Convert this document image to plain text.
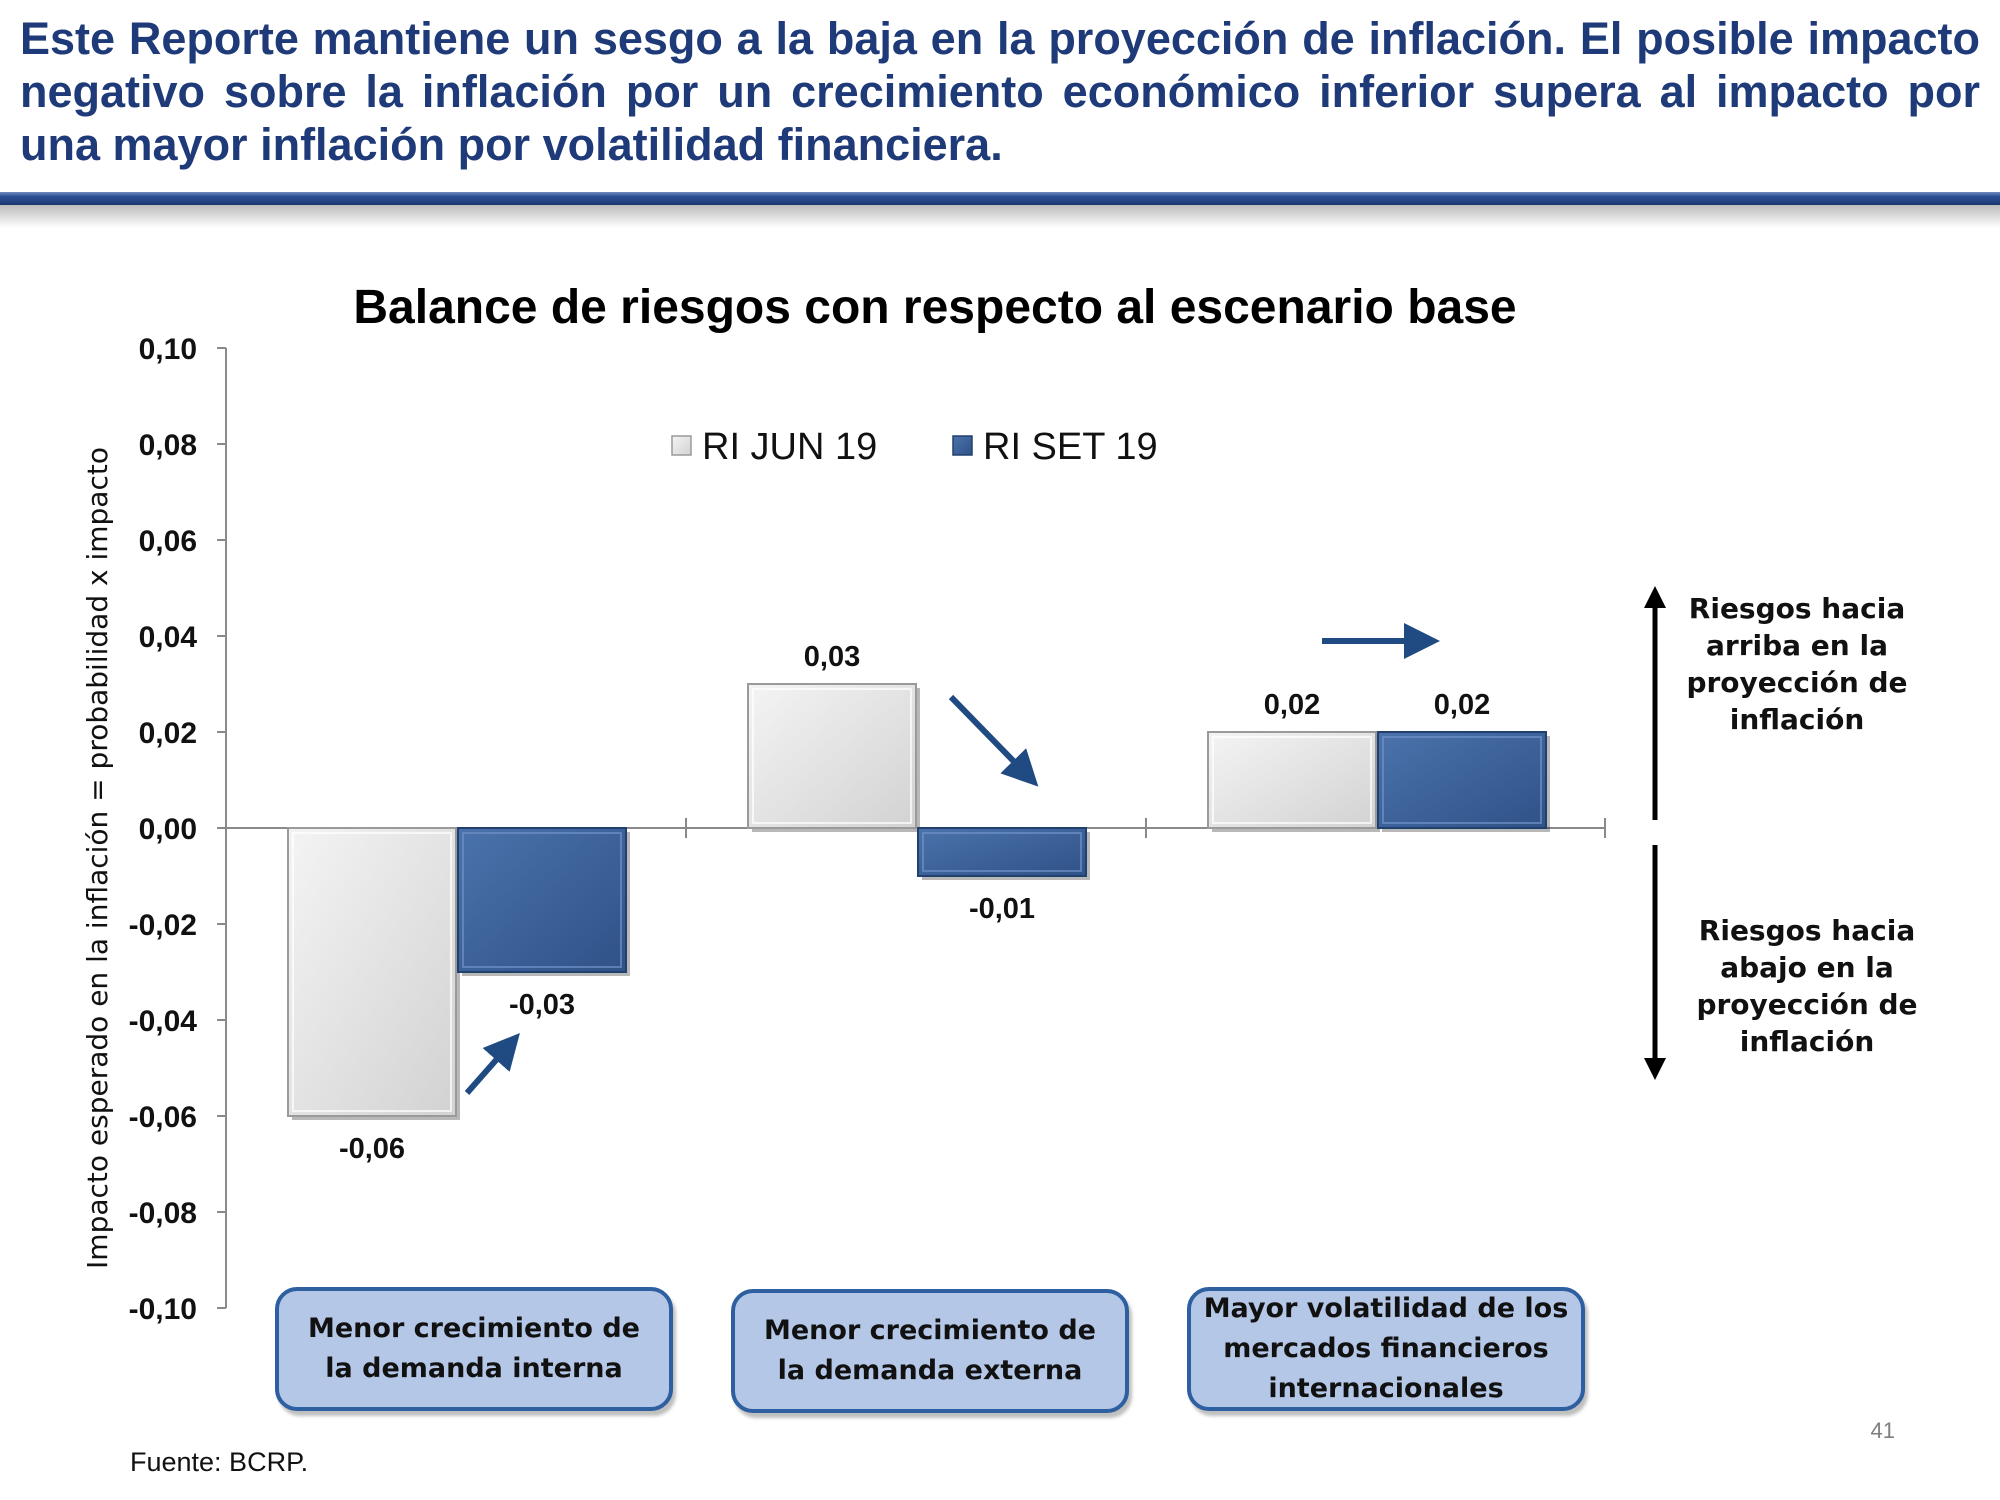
Este Reporte mantiene un sesgo a la baja en la proyección de inflación. El posible impacto negativo sobre la inflación por un crecimiento económico inferior supera al impacto por una mayor inflación por volatilidad financiera.
Balance de riesgos con respecto al escenario base
0,10
0,08
0,06
0,04
0,02
0,00
-0,02
-0,04
-0,06
-0,08
-0,10
Impacto esperado en la inflación = probabilidad x impacto	-0,06
0,03
0,02
-0,03
-0,01
0,02
RI JUN 19	RI SET 19
Riesgos hacia arriba en la proyección de inflación
Riesgos hacia abajo en la proyección de inflación
Menor crecimiento de la demanda interna
Menor crecimiento de la demanda externa
Mayor volatilidad de los mercados financieros internacionales
Fuente: BCRP.
41
